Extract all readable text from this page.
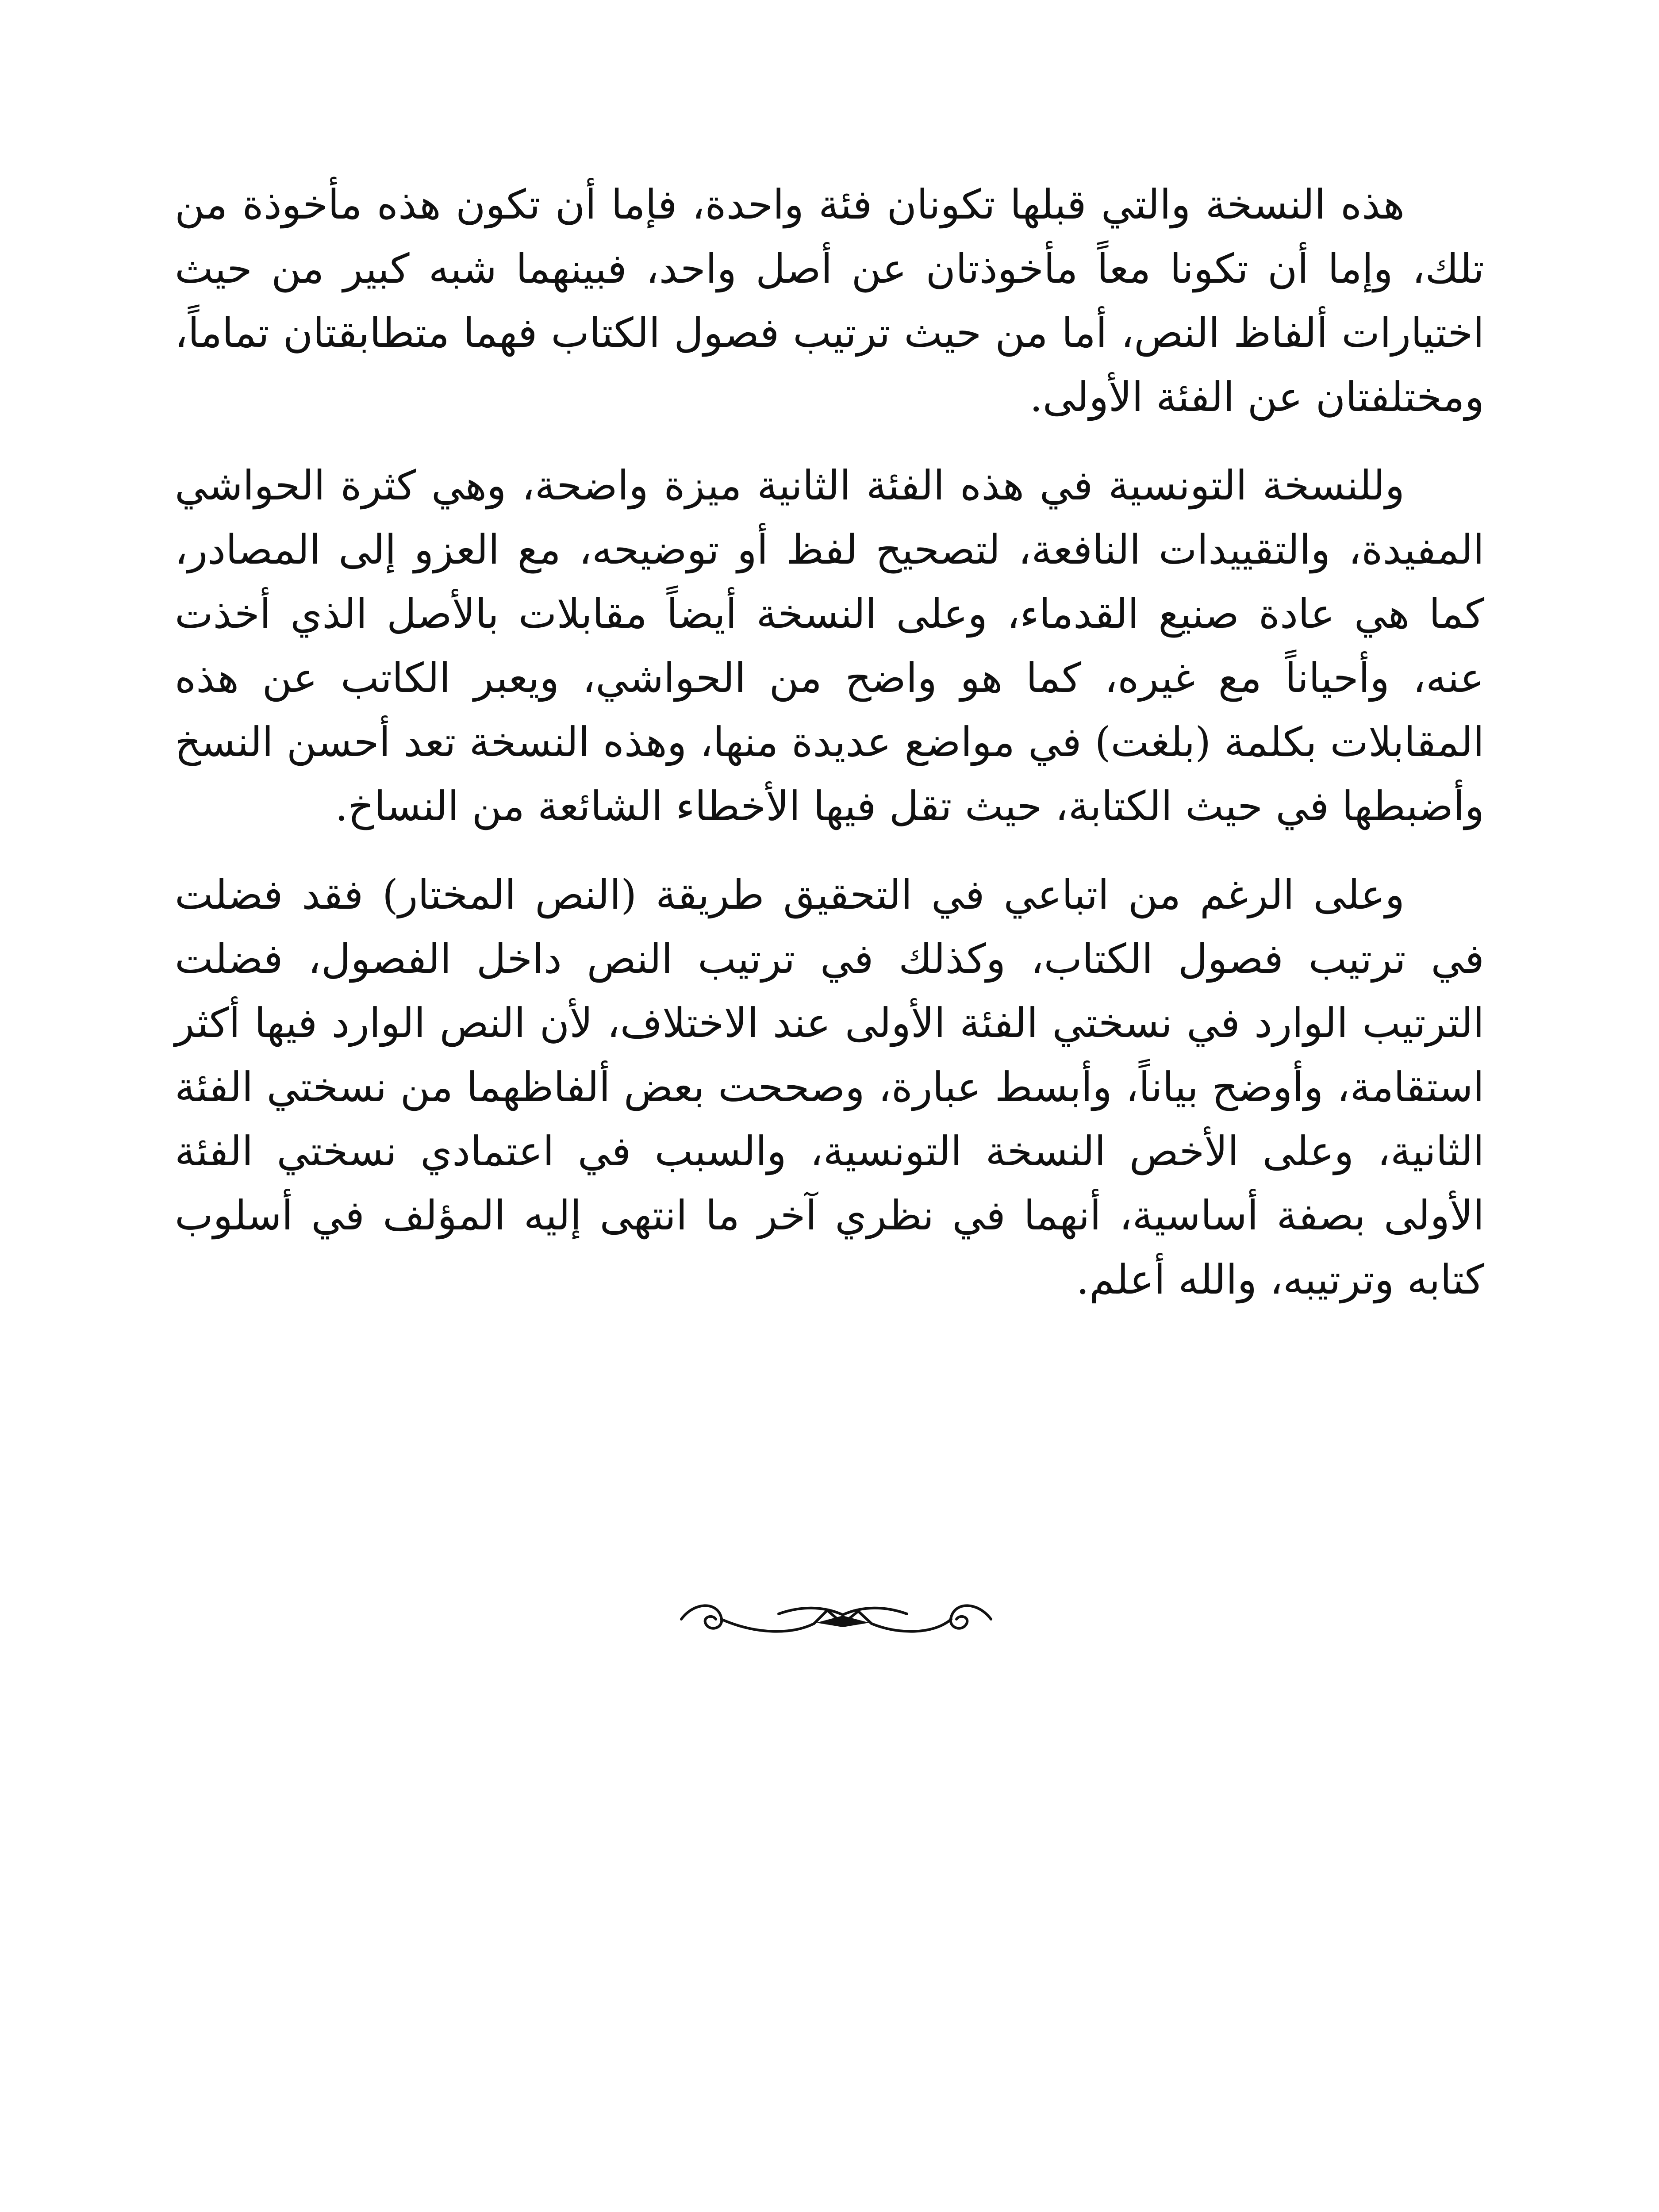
هذه النسخة والتي قبلها تكونان فئة واحدة، فإما أن تكون هذه مأخوذة من تلك، وإما أن تكونا معاً مأخوذتان عن أصل واحد، فبينهما شبه كبير من حيث اختيارات ألفاظ النص، أما من حيث ترتيب فصول الكتاب فهما متطابقتان تماماً، ومختلفتان عن الفئة الأولى.

وللنسخة التونسية في هذه الفئة الثانية ميزة واضحة، وهي كثرة الحواشي المفيدة، والتقييدات النافعة، لتصحيح لفظ أو توضيحه، مع العزو إلى المصادر، كما هي عادة صنيع القدماء، وعلى النسخة أيضاً مقابلات بالأصل الذي أخذت عنه، وأحياناً مع غيره، كما هو واضح من الحواشي، ويعبر الكاتب عن هذه المقابلات بكلمة (بلغت) في مواضع عديدة منها، وهذه النسخة تعد أحسن النسخ وأضبطها في حيث الكتابة، حيث تقل فيها الأخطاء الشائعة من النساخ.

وعلى الرغم من اتباعي في التحقيق طريقة (النص المختار) فقد فضلت في ترتيب فصول الكتاب، وكذلك في ترتيب النص داخل الفصول، فضلت الترتيب الوارد في نسختي الفئة الأولى عند الاختلاف، لأن النص الوارد فيها أكثر استقامة، وأوضح بياناً، وأبسط عبارة، وصححت بعض ألفاظهما من نسختي الفئة الثانية، وعلى الأخص النسخة التونسية، والسبب في اعتمادي نسختي الفئة الأولى بصفة أساسية، أنهما في نظري آخر ما انتهى إليه المؤلف في أسلوب كتابه وترتيبه، والله أعلم.
